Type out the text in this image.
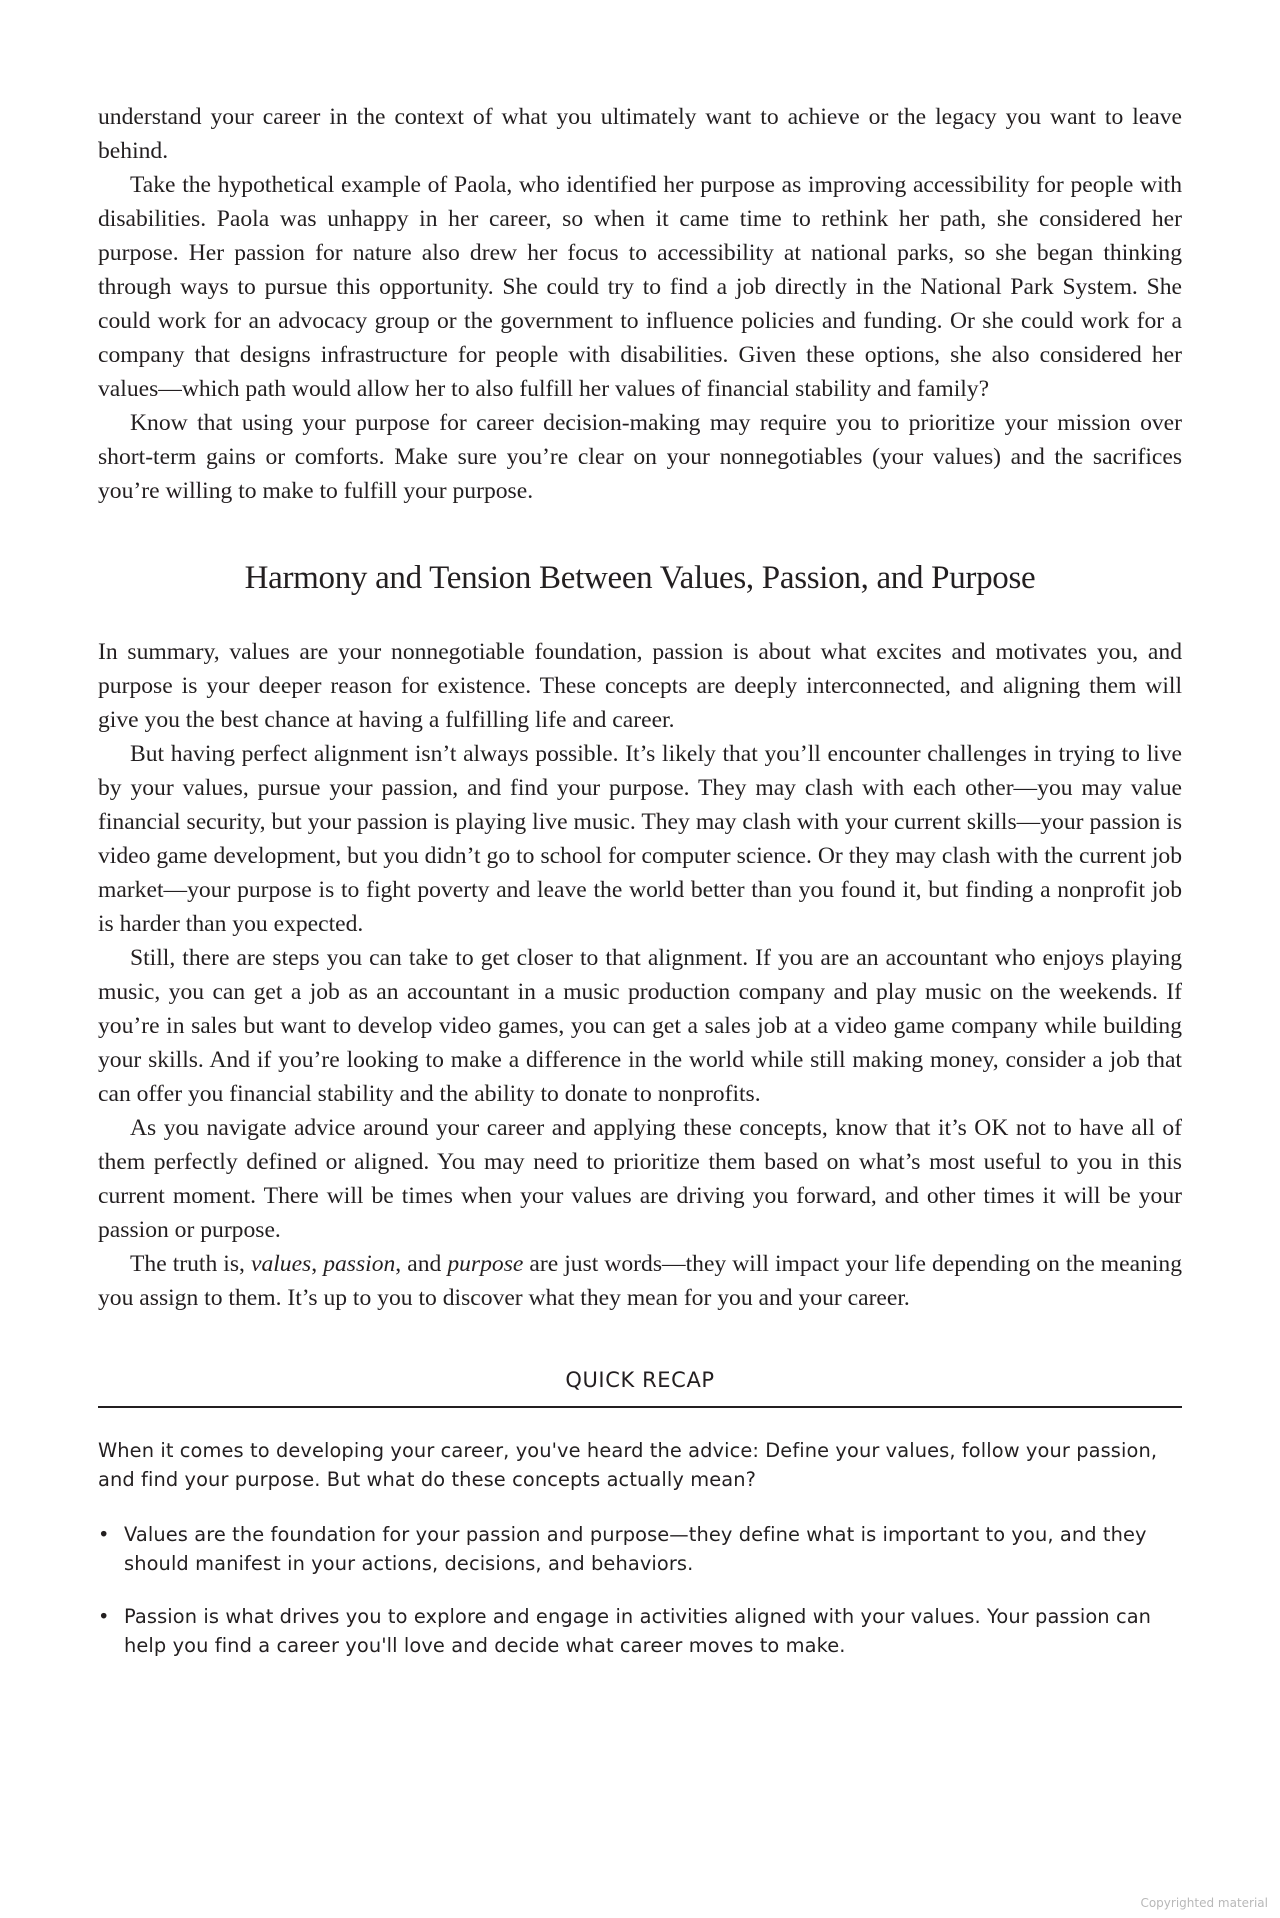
understand your career in the context of what you ultimately want to achieve or the legacy you want to leave behind.

Take the hypothetical example of Paola, who identified her purpose as improving accessibility for people with disabilities. Paola was unhappy in her career, so when it came time to rethink her path, she considered her purpose. Her passion for nature also drew her focus to accessibility at national parks, so she began thinking through ways to pursue this opportunity. She could try to find a job directly in the National Park System. She could work for an advocacy group or the government to influence policies and funding. Or she could work for a company that designs infrastructure for people with disabilities. Given these options, she also considered her values—which path would allow her to also fulfill her values of financial stability and family?

Know that using your purpose for career decision-making may require you to prioritize your mission over short-term gains or comforts. Make sure you’re clear on your nonnegotiables (your values) and the sacrifices you’re willing to make to fulfill your purpose.

Harmony and Tension Between Values, Passion, and Purpose

In summary, values are your nonnegotiable foundation, passion is about what excites and motivates you, and purpose is your deeper reason for existence. These concepts are deeply interconnected, and aligning them will give you the best chance at having a fulfilling life and career.

But having perfect alignment isn’t always possible. It’s likely that you’ll encounter challenges in trying to live by your values, pursue your passion, and find your purpose. They may clash with each other—you may value financial security, but your passion is playing live music. They may clash with your current skills—your passion is video game development, but you didn’t go to school for computer science. Or they may clash with the current job market—your purpose is to fight poverty and leave the world better than you found it, but finding a nonprofit job is harder than you expected.

Still, there are steps you can take to get closer to that alignment. If you are an accountant who enjoys playing music, you can get a job as an accountant in a music production company and play music on the weekends. If you’re in sales but want to develop video games, you can get a sales job at a video game company while building your skills. And if you’re looking to make a difference in the world while still making money, consider a job that can offer you financial stability and the ability to donate to nonprofits.

As you navigate advice around your career and applying these concepts, know that it’s OK not to have all of them perfectly defined or aligned. You may need to prioritize them based on what’s most useful to you in this current moment. There will be times when your values are driving you forward, and other times it will be your passion or purpose.

The truth is, values, passion, and purpose are just words—they will impact your life depending on the meaning you assign to them. It’s up to you to discover what they mean for you and your career.

QUICK RECAP

When it comes to developing your career, you've heard the advice: Define your values, follow your passion, and find your purpose. But what do these concepts actually mean?

• Values are the foundation for your passion and purpose—they define what is important to you, and they should manifest in your actions, decisions, and behaviors.
• Passion is what drives you to explore and engage in activities aligned with your values. Your passion can help you find a career you'll love and decide what career moves to make.
Copyrighted material
